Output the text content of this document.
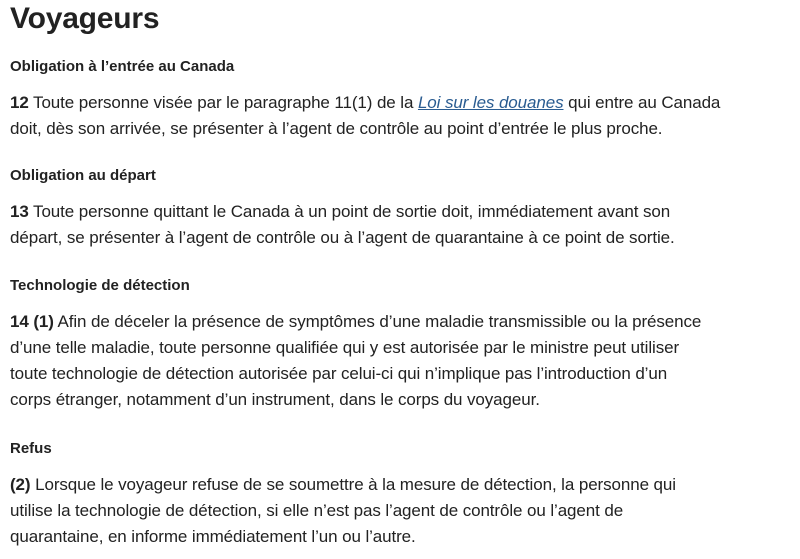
Voyageurs
Obligation à l’entrée au Canada
12 Toute personne visée par le paragraphe 11(1) de la Loi sur les douanes qui entre au Canada
doit, dès son arrivée, se présenter à l’agent de contrôle au point d’entrée le plus proche.
Obligation au départ
13 Toute personne quittant le Canada à un point de sortie doit, immédiatement avant son
départ, se présenter à l’agent de contrôle ou à l’agent de quarantaine à ce point de sortie.
Technologie de détection
14 (1) Afin de déceler la présence de symptômes d’une maladie transmissible ou la présence
d’une telle maladie, toute personne qualifiée qui y est autorisée par le ministre peut utiliser
toute technologie de détection autorisée par celui-ci qui n’implique pas l’introduction d’un
corps étranger, notamment d’un instrument, dans le corps du voyageur.
Refus
(2) Lorsque le voyageur refuse de se soumettre à la mesure de détection, la personne qui
utilise la technologie de détection, si elle n’est pas l’agent de contrôle ou l’agent de
quarantaine, en informe immédiatement l’un ou l’autre.
